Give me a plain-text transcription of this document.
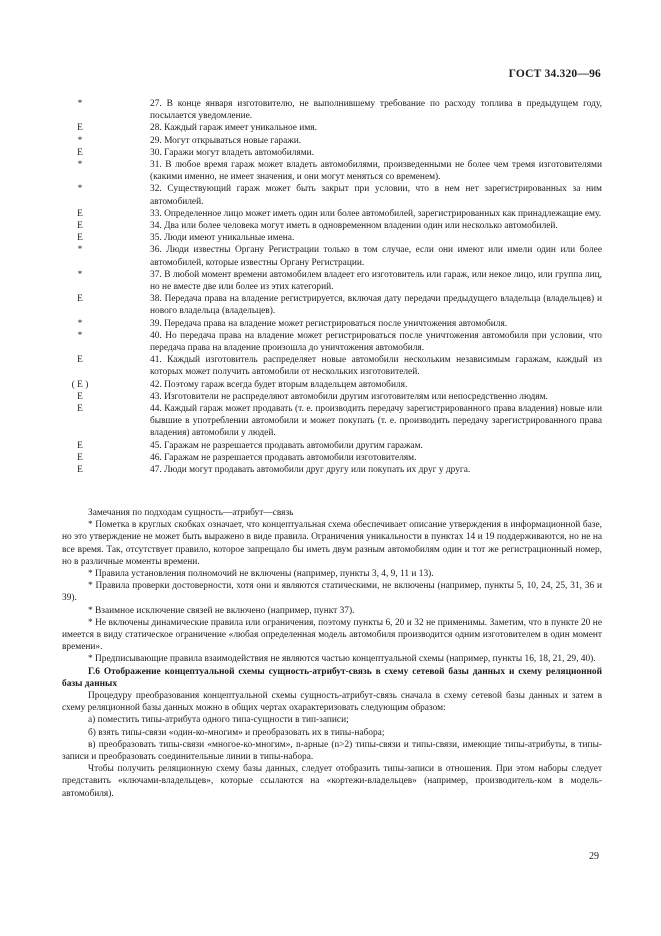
ГОСТ 34.320—96
*	27. В конце января изготовителю, не выполнившему требование по расходу топлива в предыдущем году, посылается уведомление.
E	28. Каждый гараж имеет уникальное имя.
*	29. Могут открываться новые гаражи.
E	30. Гаражи могут владеть автомобилями.
*	31. В любое время гараж может владеть автомобилями, произведенными не более чем тремя изготовителями (какими именно, не имеет значения, и они могут меняться со временем).
*	32. Существующий гараж может быть закрыт при условии, что в нем нет зарегистрированных за ним автомобилей.
E	33. Определенное лицо может иметь один или более автомобилей, зарегистрированных как принадлежащие ему.
E	34. Два или более человека могут иметь в одновременном владении один или несколько автомобилей.
E	35. Люди имеют уникальные имена.
*	36. Люди известны Органу Регистрации только в том случае, если они имеют или имели один или более автомобилей, которые известны Органу Регистрации.
*	37. В любой момент времени автомобилем владеет его изготовитель или гараж, или некое лицо, или группа лиц, но не вместе две или более из этих категорий.
E	38. Передача права на владение регистрируется, включая дату передачи предыдущего владельца (владельцев) и нового владельца (владельцев).
*	39. Передача права на владение может регистрироваться после уничтожения автомобиля.
*	40. Но передача права на владение может регистрироваться после уничтожения автомобиля при условии, что передача права на владение произошла до уничтожения автомобиля.
E	41. Каждый изготовитель распределяет новые автомобили нескольким независимым гаражам, каждый из которых может получить автомобили от нескольких изготовителей.
( E )	42. Поэтому гараж всегда будет вторым владельцем автомобиля.
E	43. Изготовители не распределяют автомобили другим изготовителям или непосредственно людям.
E	44. Каждый гараж может продавать (т. е. производить передачу зарегистрированного права владения) новые или бывшие в употреблении автомобили и может покупать (т. е. производить передачу зарегистрированного права владения) автомобили у людей.
E	45. Гаражам не разрешается продавать автомобили другим гаражам.
E	46. Гаражам не разрешается продавать автомобили изготовителям.
E	47. Люди могут продавать автомобили друг другу или покупать их друг у друга.

Замечания по подходам сущность—атрибут—связь

* Пометка в круглых скобках означает, что концептуальная схема обеспечивает описание утверждения в информационной базе, но это утверждение не может быть выражено в виде правила. Ограничения уникальности в пунктах 14 и 19 поддерживаются, но не на все время. Так, отсутствует правило, которое запрещало бы иметь двум разным автомобилям один и тот же регистрационный номер, но в различные моменты времени.

* Правила установления полномочий не включены (например, пункты 3, 4, 9, 11 и 13).

* Правила проверки достоверности, хотя они и являются статическими, не включены (например, пункты 5, 10, 24, 25, 31, 36 и 39).

* Взаимное исключение связей не включено (например, пункт 37).

* Не включены динамические правила или ограничения, поэтому пункты 6, 20 и 32 не применимы. Заметим, что в пункте 20 не имеется в виду статическое ограничение «любая определенная модель автомобиля производится одним изготовителем в один момент времени».

* Предписывающие правила взаимодействия не являются частью концептуальной схемы (например, пункты 16, 18, 21, 29, 40).

Г.6 Отображение концептуальной схемы сущность-атрибут-связь в схему сетевой базы данных и схему реляционной базы данных

Процедуру преобразования концептуальной схемы сущность-атрибут-связь сначала в схему сетевой базы данных и затем в схему реляционной базы данных можно в общих чертах охарактеризовать следующим образом:

а) поместить типы-атрибута одного типа-сущности в тип-записи;

б) взять типы-связи «один-ко-многим» и преобразовать их в типы-набора;

в) преобразовать типы-связи «многое-ко-многим», n-арные (n>2) типы-связи и типы-связи, имеющие типы-атрибуты, в типы-записи и преобразовать соединительные линии в типы-набора.

Чтобы получить реляционную схему базы данных, следует отобразить типы-записи в отношения. При этом наборы следует представить «ключами-владельцев», которые ссылаются на «кортежи-владельцев» (например, производитель-ком в модель-автомобиля).

29
